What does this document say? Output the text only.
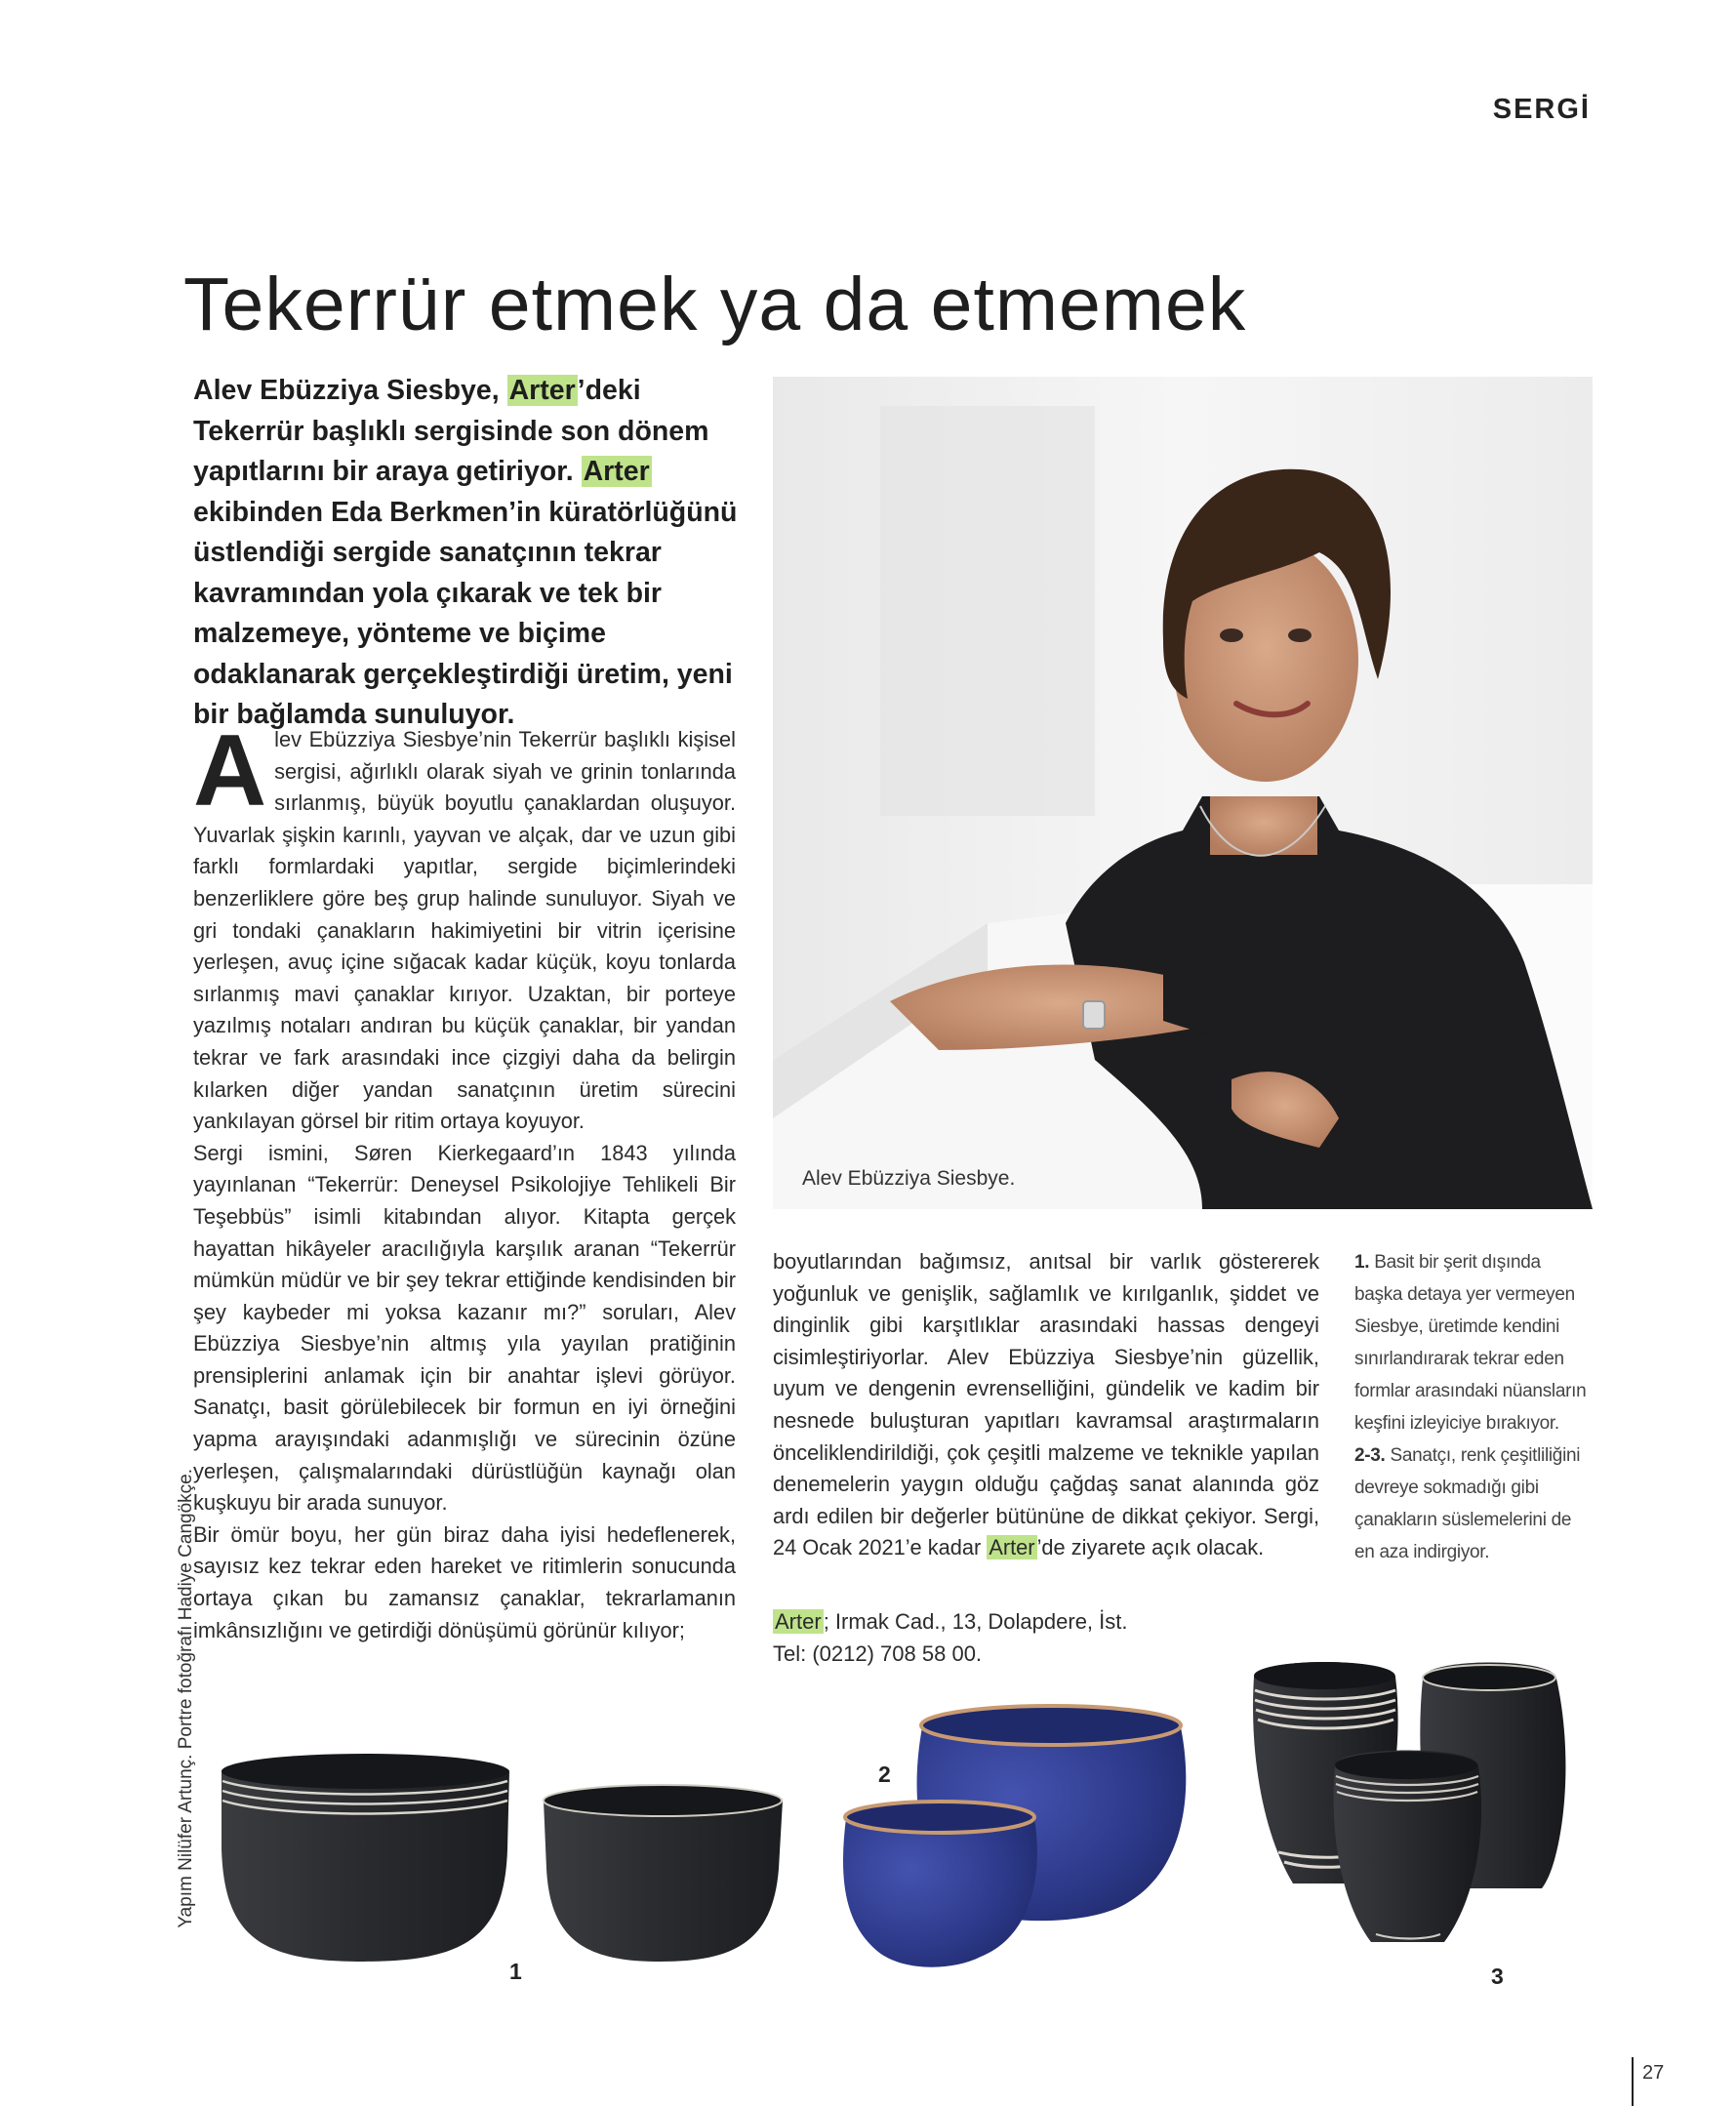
SERGİ
Tekerrür etmek ya da etmemek
Alev Ebüzziya Siesbye, Arter’deki Tekerrür başlıklı sergisinde son dönem yapıtlarını bir araya getiriyor. Arter ekibinden Eda Berkmen’in küratörlüğünü üstlendiği sergide sanatçının tekrar kavramından yola çıkarak ve tek bir malzemeye, yönteme ve biçime odaklanarak gerçekleştirdiği üretim, yeni bir bağlamda sunuluyor.

Alev Ebüzziya Siesbye’nin Tekerrür başlıklı kişisel sergisi, ağırlıklı olarak siyah ve grinin tonlarında sırlanmış, büyük boyutlu çanaklardan oluşuyor. Yuvarlak şişkin karınlı, yayvan ve alçak, dar ve uzun gibi farklı formlardaki yapıtlar, sergide biçimlerindeki benzerliklere göre beş grup halinde sunuluyor. Siyah ve gri tondaki çanakların hakimiyetini bir vitrin içerisine yerleşen, avuç içine sığacak kadar küçük, koyu tonlarda sırlanmış mavi çanaklar kırıyor. Uzaktan, bir porteye yazılmış notaları andıran bu küçük çanaklar, bir yandan tekrar ve fark arasındaki ince çizgiyi daha da belirgin kılarken diğer yandan sanatçının üretim sürecini yankılayan görsel bir ritim ortaya koyuyor.

Sergi ismini, Søren Kierkegaard’ın 1843 yılında yayınlanan “Tekerrür: Deneysel Psikolojiye Tehlikeli Bir Teşebbüs” isimli kitabından alıyor. Kitapta gerçek hayattan hikâyeler aracılığıyla karşılık aranan “Tekerrür mümkün müdür ve bir şey tekrar ettiğinde kendisinden bir şey kaybeder mi yoksa kazanır mı?” soruları, Alev Ebüzziya Siesbye’nin altmış yıla yayılan pratiğinin prensiplerini anlamak için bir anahtar işlevi görüyor. Sanatçı, basit görülebilecek bir formun en iyi örneğini yapma arayışındaki adanmışlığı ve sürecinin özüne yerleşen, çalışmalarındaki dürüstlüğün kaynağı olan kuşkuyu bir arada sunuyor.

Bir ömür boyu, her gün biraz daha iyisi hedeflenerek, sayısız kez tekrar eden hareket ve ritimlerin sonucunda ortaya çıkan bu zamansız çanaklar, tekrarlamanın imkânsızlığını ve getirdiği dönüşümü görünür kılıyor;

Alev Ebüzziya Siesbye.

boyutlarından bağımsız, anıtsal bir varlık göstererek yoğunluk ve genişlik, sağlamlık ve kırılganlık, şiddet ve dinginlik gibi karşıtlıklar arasındaki hassas dengeyi cisimleştiriyorlar. Alev Ebüzziya Siesbye’nin güzellik, uyum ve dengenin evrenselliğini, gündelik ve kadim bir nesnede buluşturan yapıtları kavramsal araştırmaların önceliklendirildiği, çok çeşitli malzeme ve teknikle yapılan denemelerin yaygın olduğu çağdaş sanat alanında göz ardı edilen bir değerler bütününe de dikkat çekiyor. Sergi, 24 Ocak 2021’e kadar Arter’de ziyarete açık olacak.

Arter; Irmak Cad., 13, Dolapdere, İst.
Tel: (0212) 708 58 00.

1. Basit bir şerit dışında başka detaya yer vermeyen Siesbye, üretimde kendini sınırlandırarak tekrar eden formlar arasındaki nüansların keşfini izleyiciye bırakıyor.

2-3. Sanatçı, renk çeşitliliğini devreye sokmadığı gibi çanakların süslemelerini de en aza indirgiyor.

Yapım Nilüfer Artunç. Portre fotoğrafı Hadiye Cangökçe.
1
2
3
27
